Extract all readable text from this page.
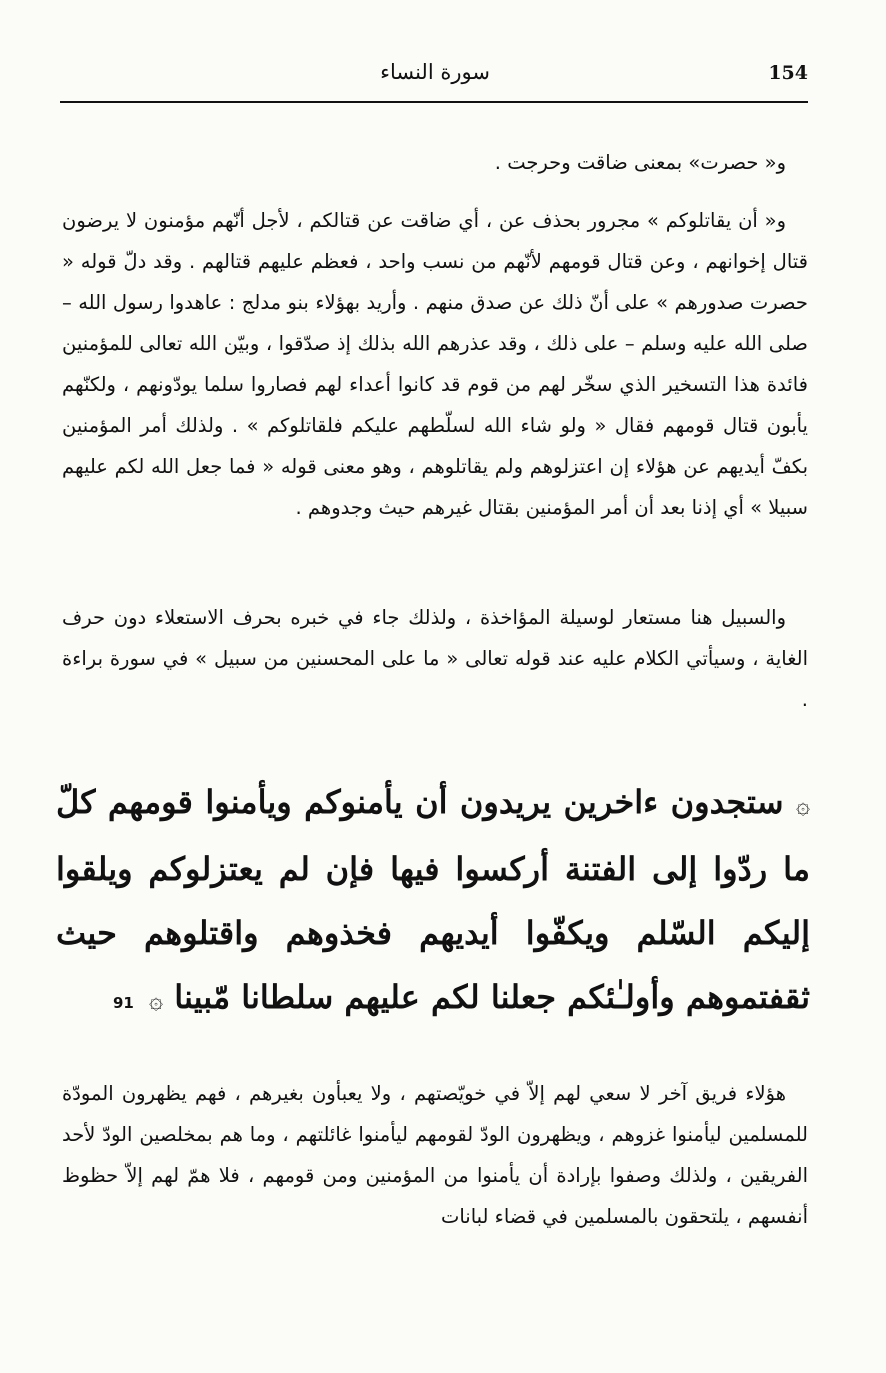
154
سورة النساء

و« حصرت» بمعنى ضاقت وحرجت .

و« أن يقاتلوكم » مجرور بحذف عن ، أي ضاقت عن قتالكم ، لأجل أنّهم مؤمنون لا يرضون قتال إخوانهم ، وعن قتال قومهم لأنّهم من نسب واحد ، فعظم عليهم قتالهم . وقد دلّ قوله « حصرت صدورهم » على أنّ ذلك عن صدق منهم . وأريد بهؤلاء بنو مدلج : عاهدوا رسول الله – صلى الله عليه وسلم – على ذلك ، وقد عذرهم الله بذلك إذ صدّقوا ، وبيّن الله تعالى للمؤمنين فائدة هذا التسخير الذي سخّر لهم من قوم قد كانوا أعداء لهم فصاروا سلما يودّونهم ، ولكنّهم يأبون قتال قومهم فقال « ولو شاء الله لسلّطهم عليكم فلقاتلوكم » . ولذلك أمر المؤمنين بكفّ أيديهم عن هؤلاء إن اعتزلوهم ولم يقاتلوهم ، وهو معنى قوله « فما جعل الله لكم عليهم سبيلا » أي إذنا بعد أن أمر المؤمنين بقتال غيرهم حيث وجدوهم .

والسبيل هنا مستعار لوسيلة المؤاخذة ، ولذلك جاء في خبره بحرف الاستعلاء دون حرف الغاية ، وسيأتي الكلام عليه عند قوله تعالى « ما على المحسنين من سبيل » في سورة براءة .

۞ ستجدون ءاخرين يريدون أن يأمنوكم ويأمنوا قومهم كلّ ما ردّوا إلى الفتنة أركسوا فيها فإن لم يعتزلوكم ويلقوا إليكم السّلم ويكفّوا أيديهم فخذوهم واقتلوهم حيث ثقفتموهم وأولـٰئكم جعلنا لكم عليهم سلطانا مّبينا ۞ 91

هؤلاء فريق آخر لا سعي لهم إلاّ في خويّصتهم ، ولا يعبأون بغيرهم ، فهم يظهرون المودّة للمسلمين ليأمنوا غزوهم ، ويظهرون الودّ لقومهم ليأمنوا غائلتهم ، وما هم بمخلصين الودّ لأحد الفريقين ، ولذلك وصفوا بإرادة أن يأمنوا من المؤمنين ومن قومهم ، فلا همّ لهم إلاّ حظوظ أنفسهم ، يلتحقون بالمسلمين في قضاء لبانات
